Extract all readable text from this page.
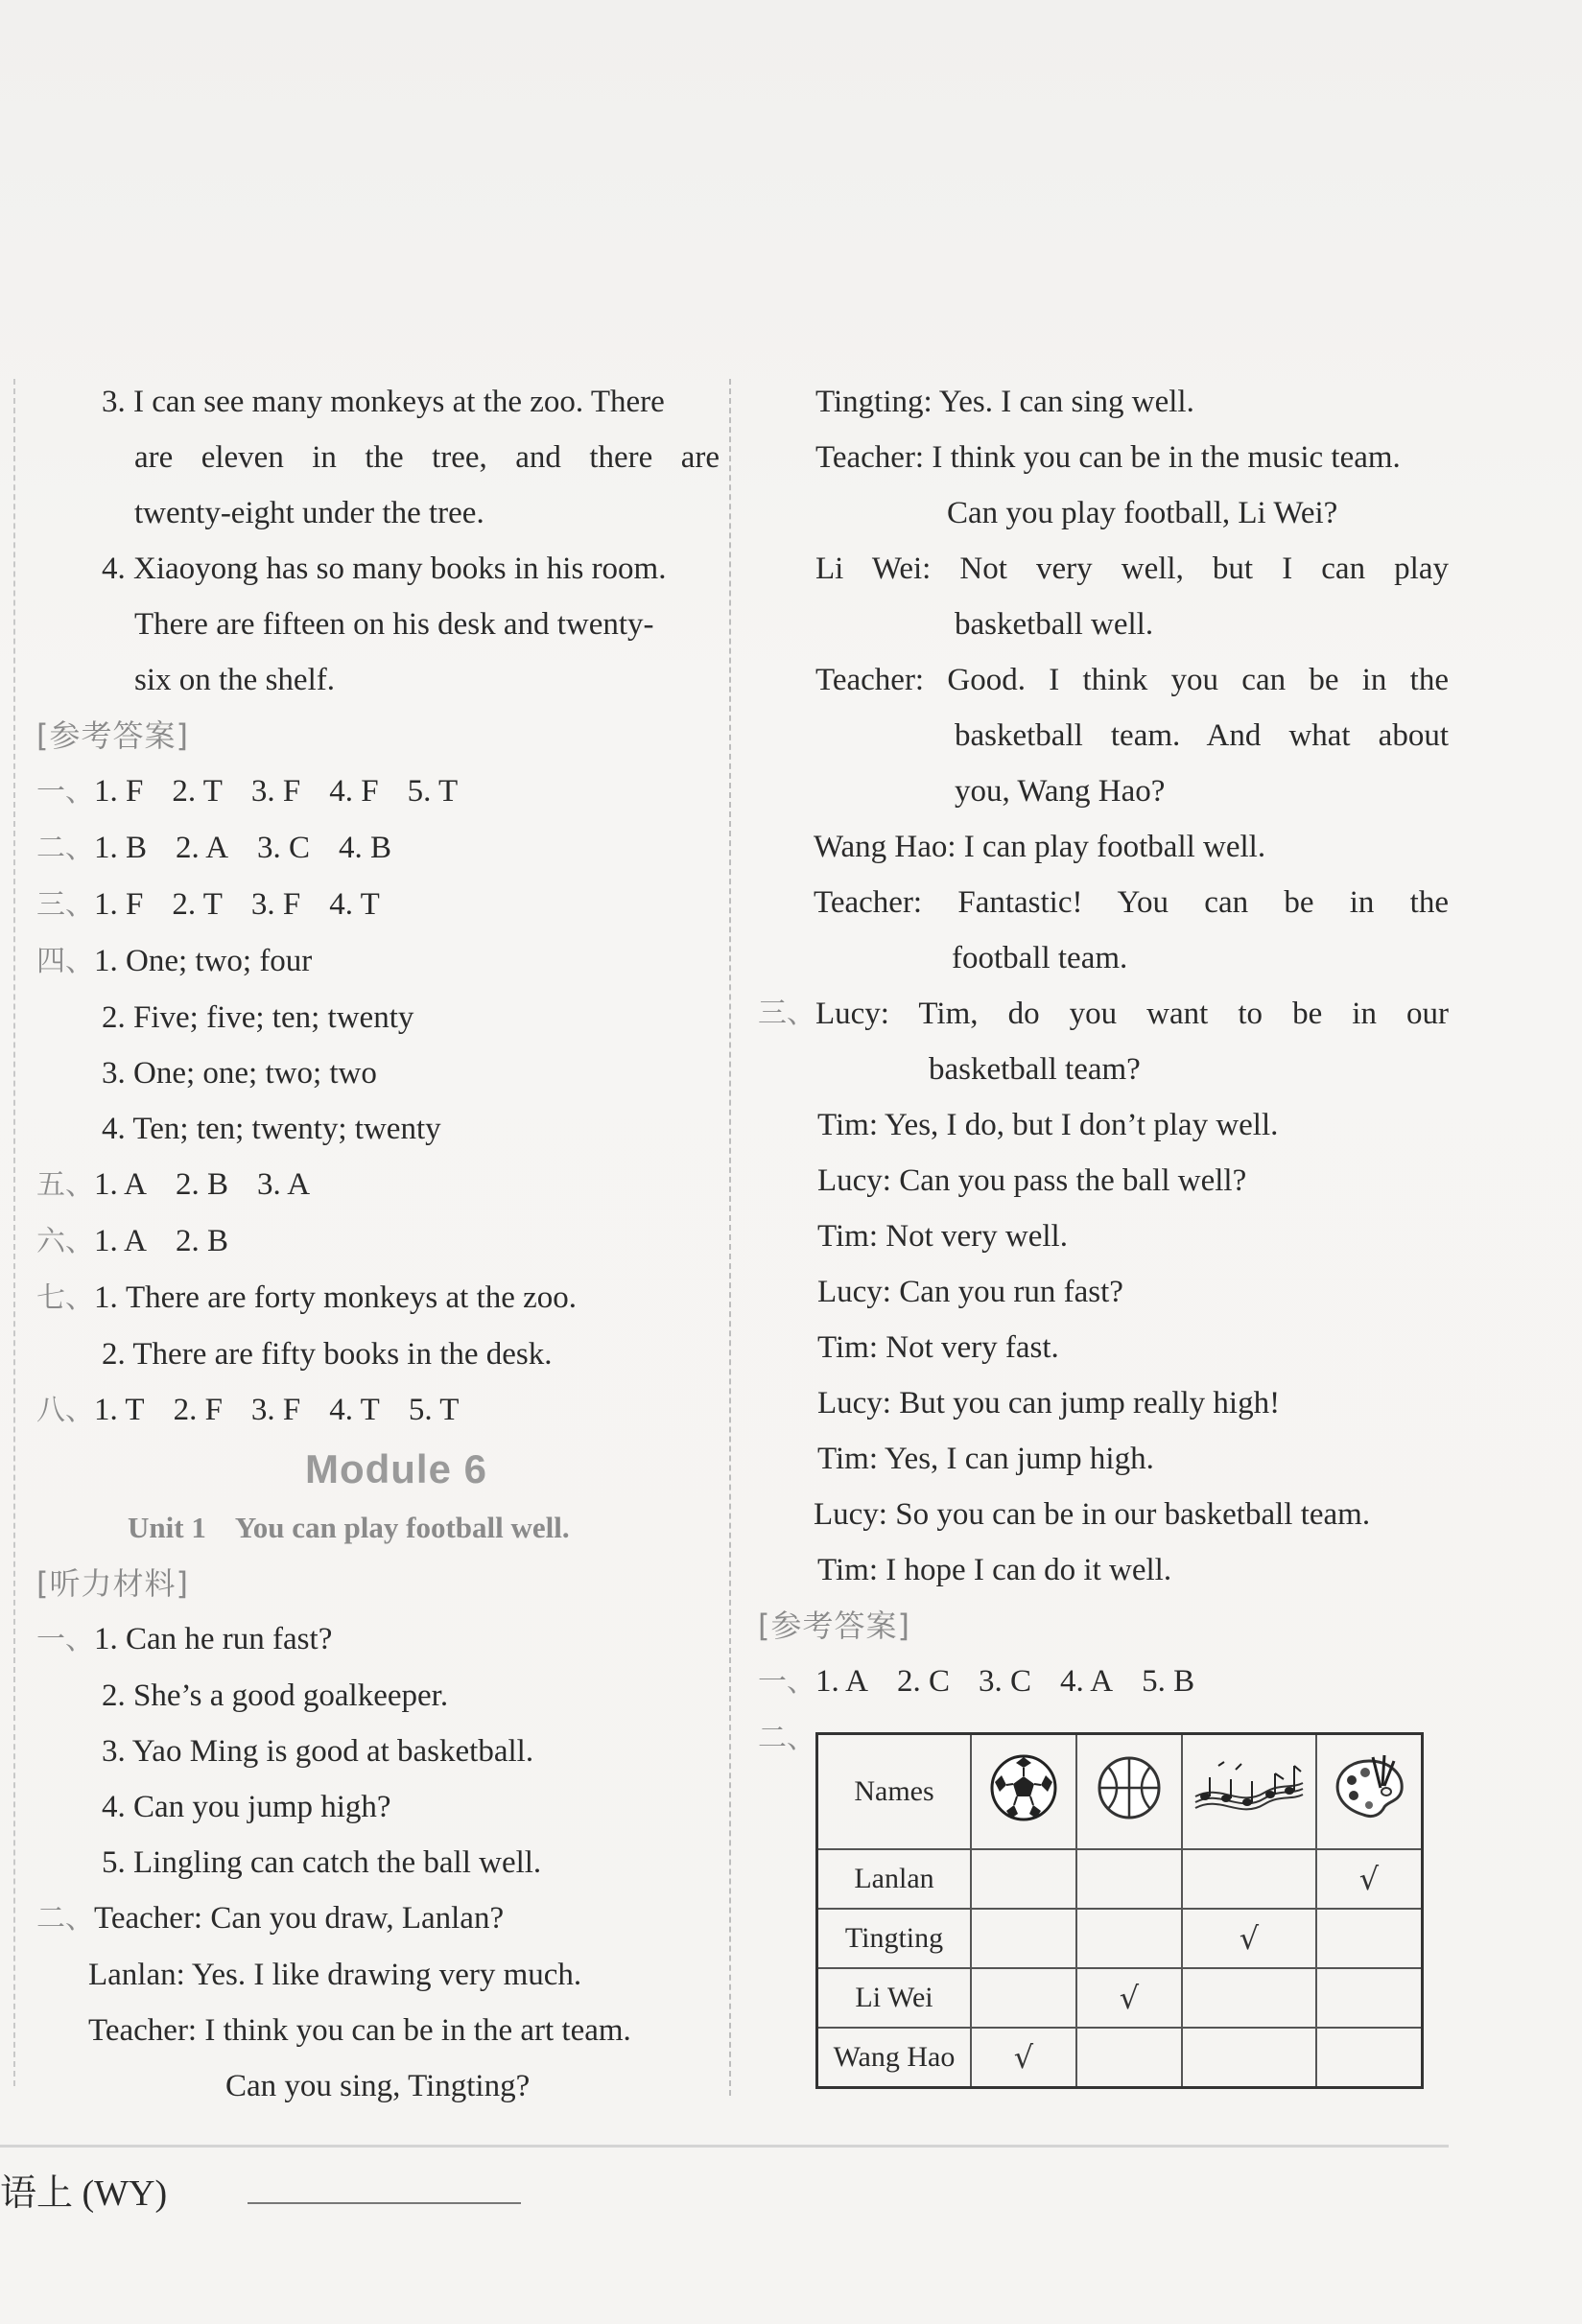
3. I can see many monkeys at the zoo. There
are eleven in the tree, and there are
twenty-eight under the tree.
4. Xiaoyong has so many books in his room.
There are fifteen on his desk and twenty-
six on the shelf.
[参考答案]
一、1. F 2. T 3. F 4. F 5. T
二、1. B 2. A 3. C 4. B
三、1. F 2. T 3. F 4. T
四、1. One; two; four
2. Five; five; ten; twenty
3. One; one; two; two
4. Ten; ten; twenty; twenty
五、1. A 2. B 3. A
六、1. A 2. B
七、1. There are forty monkeys at the zoo.
2. There are fifty books in the desk.
八、1. T 2. F 3. F 4. T 5. T
Module 6
Unit 1 You can play football well.
[听力材料]
一、1. Can he run fast?
2. She’s a good goalkeeper.
3. Yao Ming is good at basketball.
4. Can you jump high?
5. Lingling can catch the ball well.
二、Teacher: Can you draw, Lanlan?
Lanlan: Yes. I like drawing very much.
Teacher: I think you can be in the art team.
Can you sing, Tingting?
Tingting: Yes. I can sing well.
Teacher: I think you can be in the music team.
Can you play football, Li Wei?
Li Wei: Not very well, but I can play
basketball well.
Teacher: Good. I think you can be in the
basketball team. And what about
you, Wang Hao?
Wang Hao: I can play football well.
Teacher: Fantastic! You can be in the
football team.
三、 Lucy: Tim, do you want to be in our
basketball team?
Tim: Yes, I do, but I don’t play well.
Lucy: Can you pass the ball well?
Tim: Not very well.
Lucy: Can you run fast?
Tim: Not very fast.
Lucy: But you can jump really high!
Tim: Yes, I can jump high.
Lucy: So you can be in our basketball team.
Tim: I hope I can do it well.
[参考答案]
一、1. A 2. C 3. C 4. A 5. B
二、
Names				
Lanlan				√
Tingting			√	
Li Wei		√		
Wang Hao	√			
语上 (WY)
